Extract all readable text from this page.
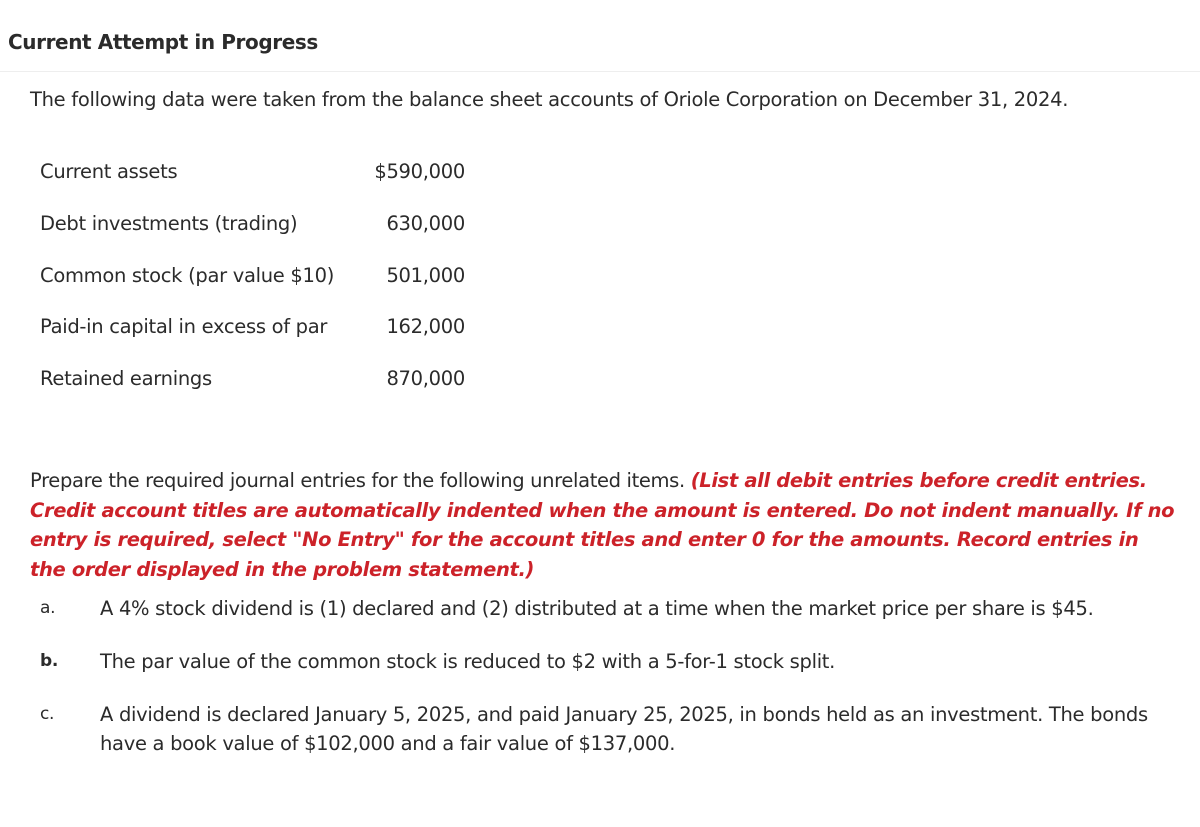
Current Attempt in Progress
The following data were taken from the balance sheet accounts of Oriole Corporation on December 31, 2024.
Current assets	$590,000
Debt investments (trading)	630,000
Common stock (par value $10)	501,000
Paid-in capital in excess of par	162,000
Retained earnings	870,000
Prepare the required journal entries for the following unrelated items. (List all debit entries before credit entries. Credit account titles are automatically indented when the amount is entered. Do not indent manually. If no entry is required, select "No Entry" for the account titles and enter 0 for the amounts. Record entries in the order displayed in the problem statement.)
a.	A 4% stock dividend is (1) declared and (2) distributed at a time when the market price per share is $45.
b.	The par value of the common stock is reduced to $2 with a 5-for-1 stock split.
c.	A dividend is declared January 5, 2025, and paid January 25, 2025, in bonds held as an investment. The bonds have a book value of $102,000 and a fair value of $137,000.
